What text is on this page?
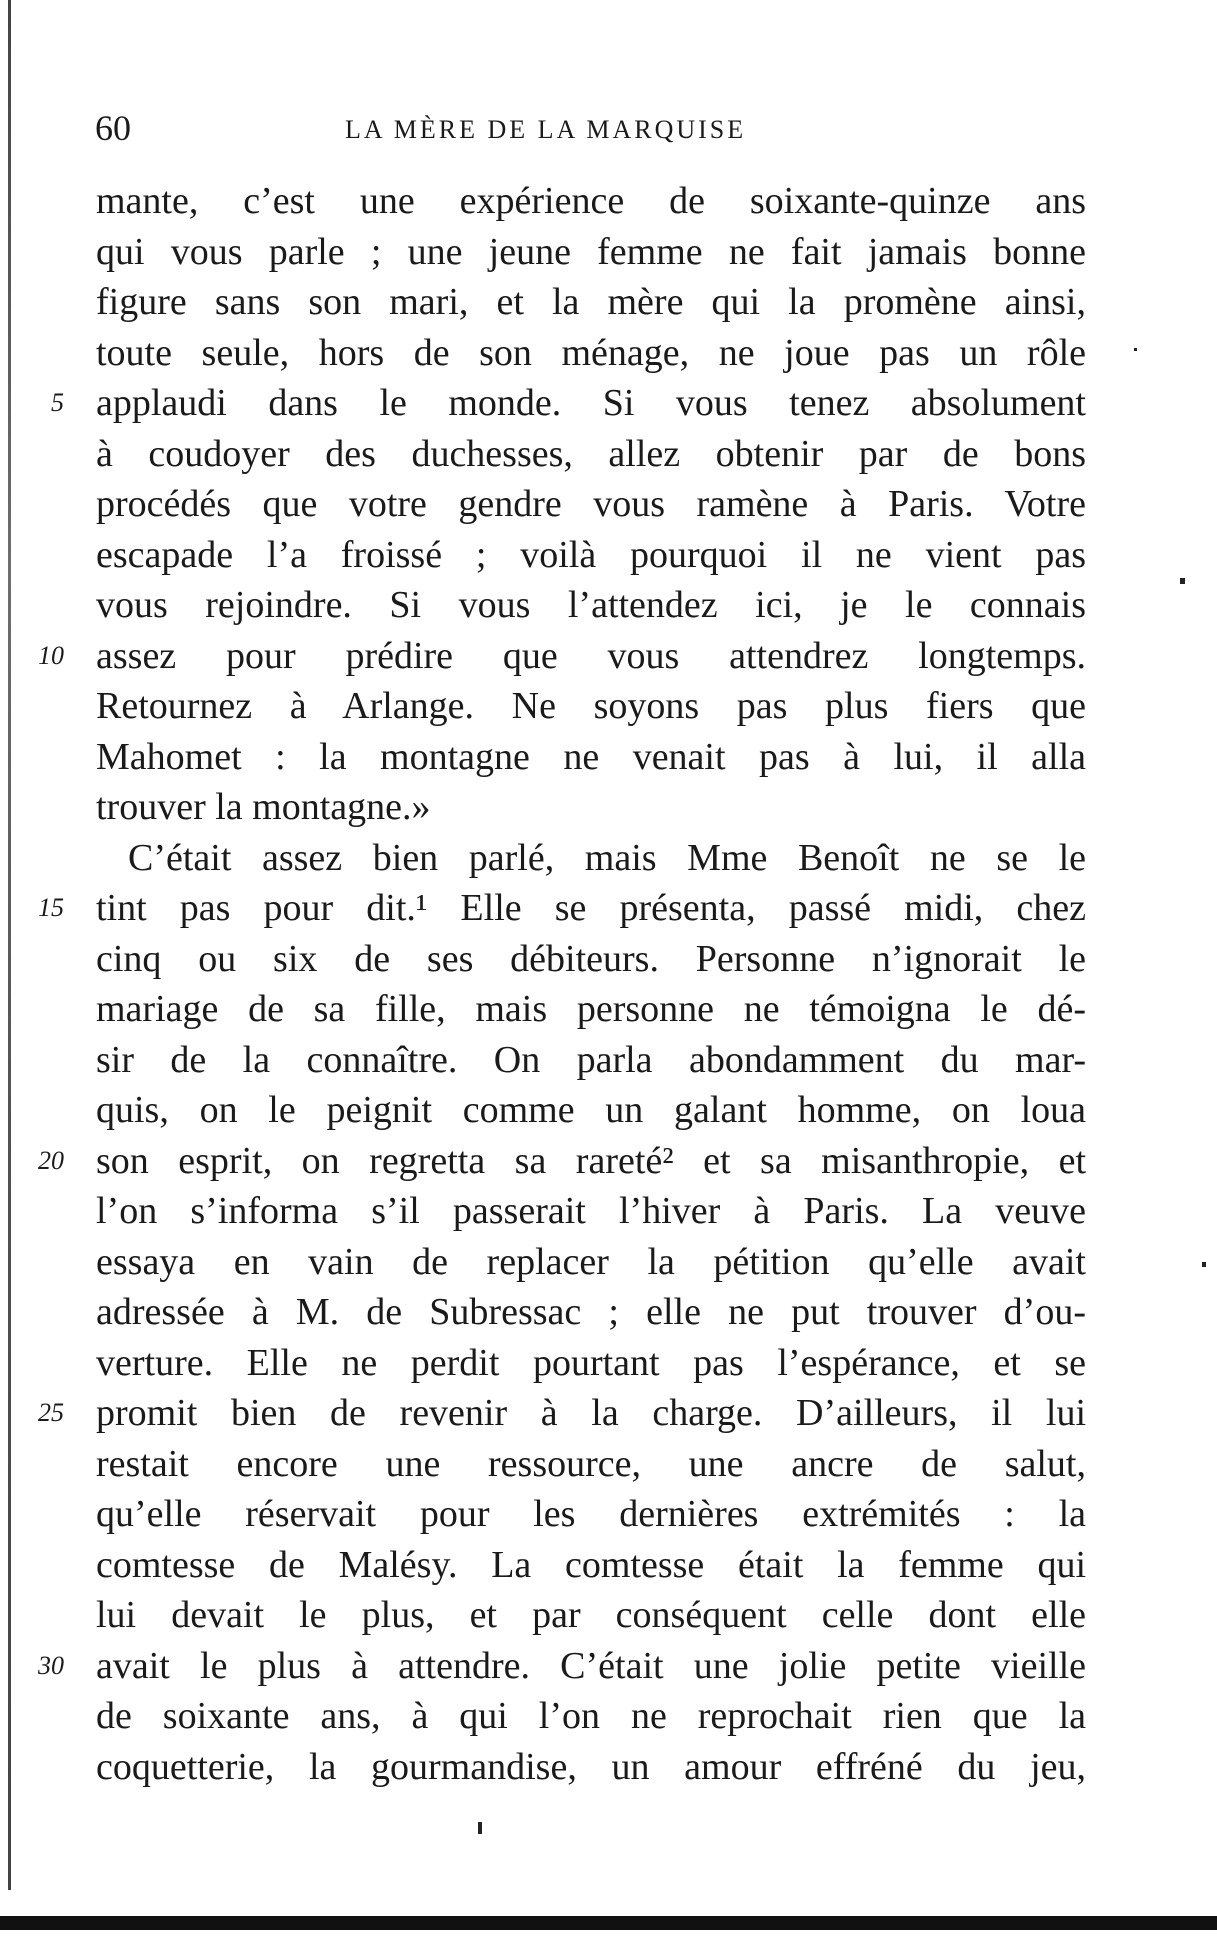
60	LA MÈRE DE LA MARQUISE
mante, c’est une expérience de soixante-quinze ans
qui vous parle ; une jeune femme ne fait jamais bonne
figure sans son mari, et la mère qui la promène ainsi,
toute seule, hors de son ménage, ne joue pas un rôle
5 applaudi dans le monde. Si vous tenez absolument
à coudoyer des duchesses, allez obtenir par de bons
procédés que votre gendre vous ramène à Paris. Votre
escapade l’a froissé ; voilà pourquoi il ne vient pas
vous rejoindre. Si vous l’attendez ici, je le connais
10 assez pour prédire que vous attendrez longtemps.
Retournez à Arlange. Ne soyons pas plus fiers que
Mahomet : la montagne ne venait pas à lui, il alla
trouver la montagne.»
C’était assez bien parlé, mais Mme Benoît ne se le
15 tint pas pour dit.¹ Elle se présenta, passé midi, chez
cinq ou six de ses débiteurs. Personne n’ignorait le
mariage de sa fille, mais personne ne témoigna le dé-
sir de la connaître. On parla abondamment du mar-
quis, on le peignit comme un galant homme, on loua
20 son esprit, on regretta sa rareté² et sa misanthropie, et
l’on s’informa s’il passerait l’hiver à Paris. La veuve
essaya en vain de replacer la pétition qu’elle avait
adressée à M. de Subressac ; elle ne put trouver d’ou-
verture. Elle ne perdit pourtant pas l’espérance, et se
25 promit bien de revenir à la charge. D’ailleurs, il lui
restait encore une ressource, une ancre de salut,
qu’elle réservait pour les dernières extrémités : la
comtesse de Malésy. La comtesse était la femme qui
lui devait le plus, et par conséquent celle dont elle
30 avait le plus à attendre. C’était une jolie petite vieille
de soixante ans, à qui l’on ne reprochait rien que la
coquetterie, la gourmandise, un amour effréné du jeu,
